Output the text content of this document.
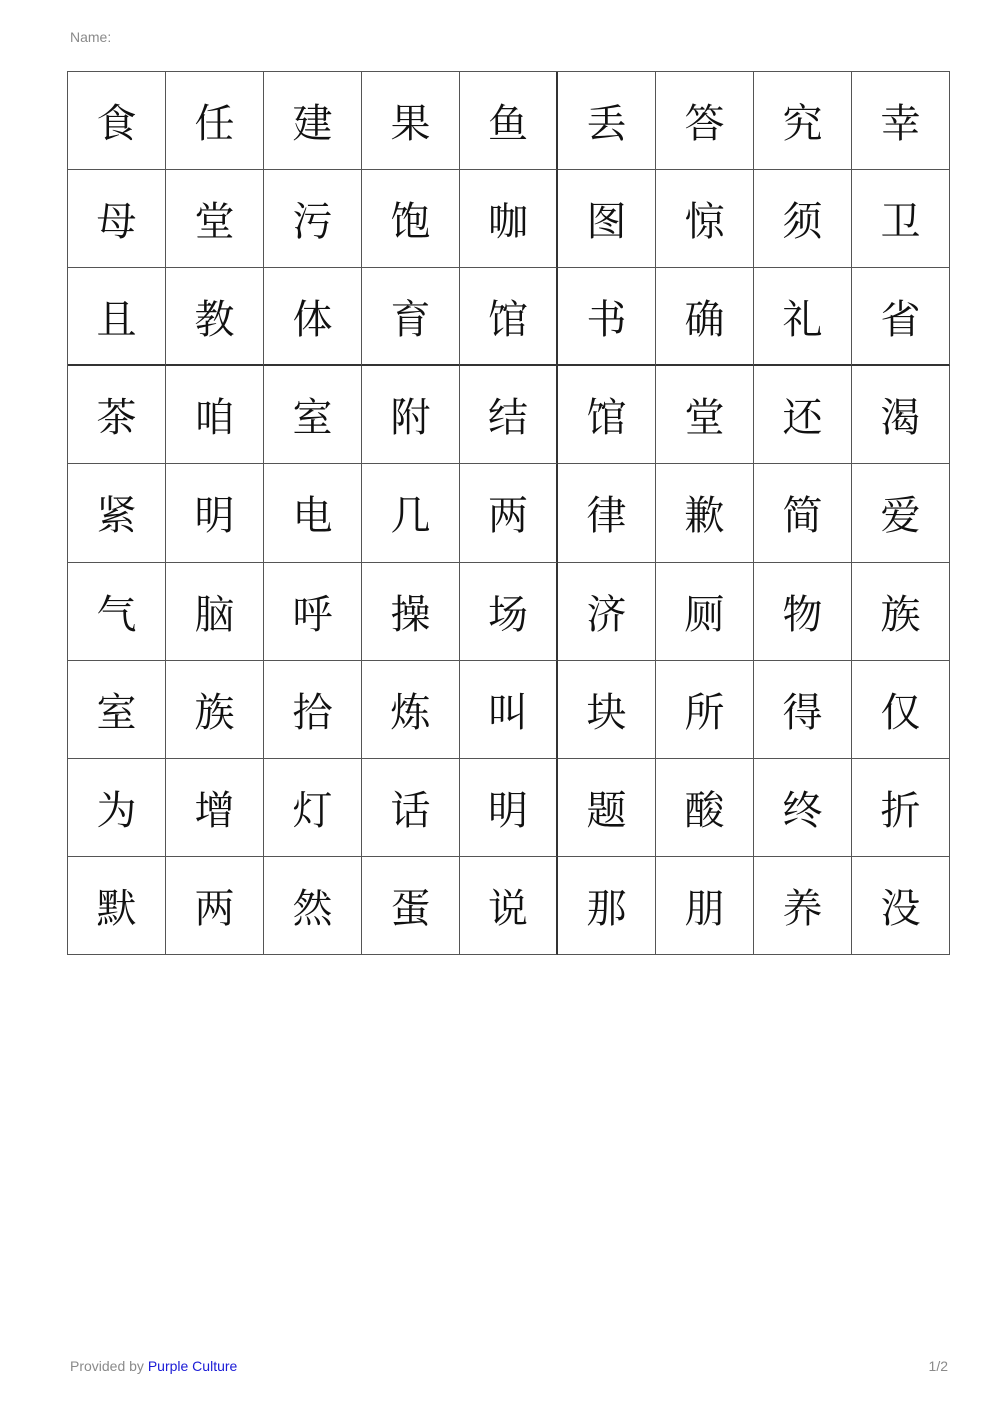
Name:
食	任	建	果	鱼	丢	答	究	幸
母	堂	污	饱	咖	图	惊	须	卫
且	教	体	育	馆	书	确	礼	省
茶	咱	室	附	结	馆	堂	还	渴
紧	明	电	几	两	律	歉	简	爱
气	脑	呼	操	场	济	厕	物	族
室	族	拾	炼	叫	块	所	得	仅
为	增	灯	话	明	题	酸	终	折
默	两	然	蛋	说	那	朋	养	没
Provided by Purple Culture	1/2
